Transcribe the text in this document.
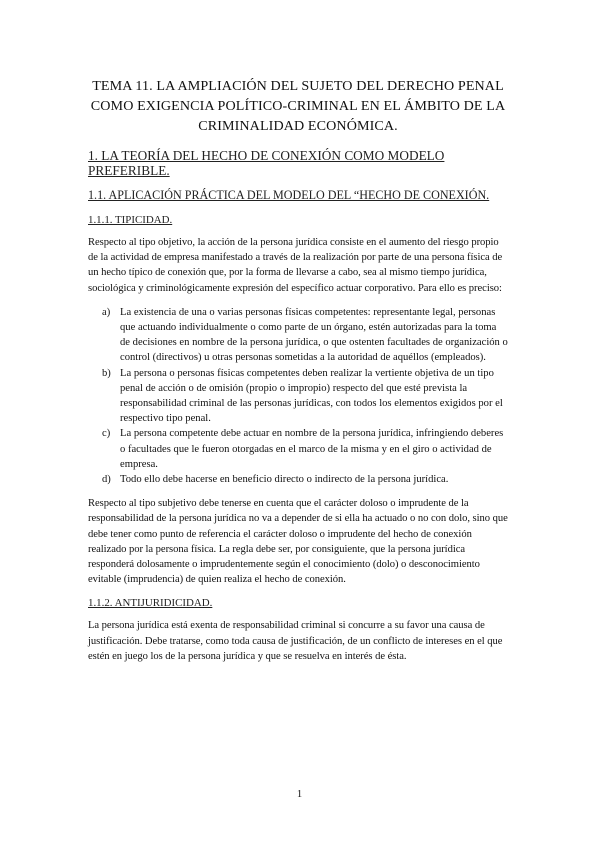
TEMA 11. LA AMPLIACIÓN DEL SUJETO DEL DERECHO PENAL COMO EXIGENCIA POLÍTICO-CRIMINAL EN EL ÁMBITO DE LA CRIMINALIDAD ECONÓMICA.
1. LA TEORÍA DEL HECHO DE CONEXIÓN COMO MODELO PREFERIBLE.
1.1. APLICACIÓN PRÁCTICA DEL MODELO DEL “HECHO DE CONEXIÓN.
1.1.1. TIPICIDAD.

Respecto al tipo objetivo, la acción de la persona jurídica consiste en el aumento del riesgo propio de la actividad de empresa manifestado a través de la realización por parte de una persona física de un hecho típico de conexión que, por la forma de llevarse a cabo, sea al mismo tiempo jurídica, sociológica y criminológicamente expresión del específico actuar corporativo. Para ello es preciso:

a) La existencia de una o varias personas físicas competentes: representante legal, personas que actuando individualmente o como parte de un órgano, estén autorizadas para la toma de decisiones en nombre de la persona jurídica, o que ostenten facultades de organización o control (directivos) u otras personas sometidas a la autoridad de aquéllos (empleados).
b) La persona o personas físicas competentes deben realizar la vertiente objetiva de un tipo penal de acción o de omisión (propio o impropio) respecto del que esté prevista la responsabilidad criminal de las personas jurídicas, con todos los elementos exigidos por el respectivo tipo penal.
c) La persona competente debe actuar en nombre de la persona jurídica, infringiendo deberes o facultades que le fueron otorgadas en el marco de la misma y en el giro o actividad de empresa.
d) Todo ello debe hacerse en beneficio directo o indirecto de la persona jurídica.

Respecto al tipo subjetivo debe tenerse en cuenta que el carácter doloso o imprudente de la responsabilidad de la persona jurídica no va a depender de si ella ha actuado o no con dolo, sino que debe tener como punto de referencia el carácter doloso o imprudente del hecho de conexión realizado por la persona física. La regla debe ser, por consiguiente, que la persona jurídica responderá dolosamente o imprudentemente según el conocimiento (dolo) o desconocimiento evitable (imprudencia) de quien realiza el hecho de conexión.

1.1.2. ANTIJURIDICIDAD.

La persona jurídica está exenta de responsabilidad criminal si concurre a su favor una causa de justificación. Debe tratarse, como toda causa de justificación, de un conflicto de intereses en el que estén en juego los de la persona jurídica y que se resuelva en interés de ésta.

1
